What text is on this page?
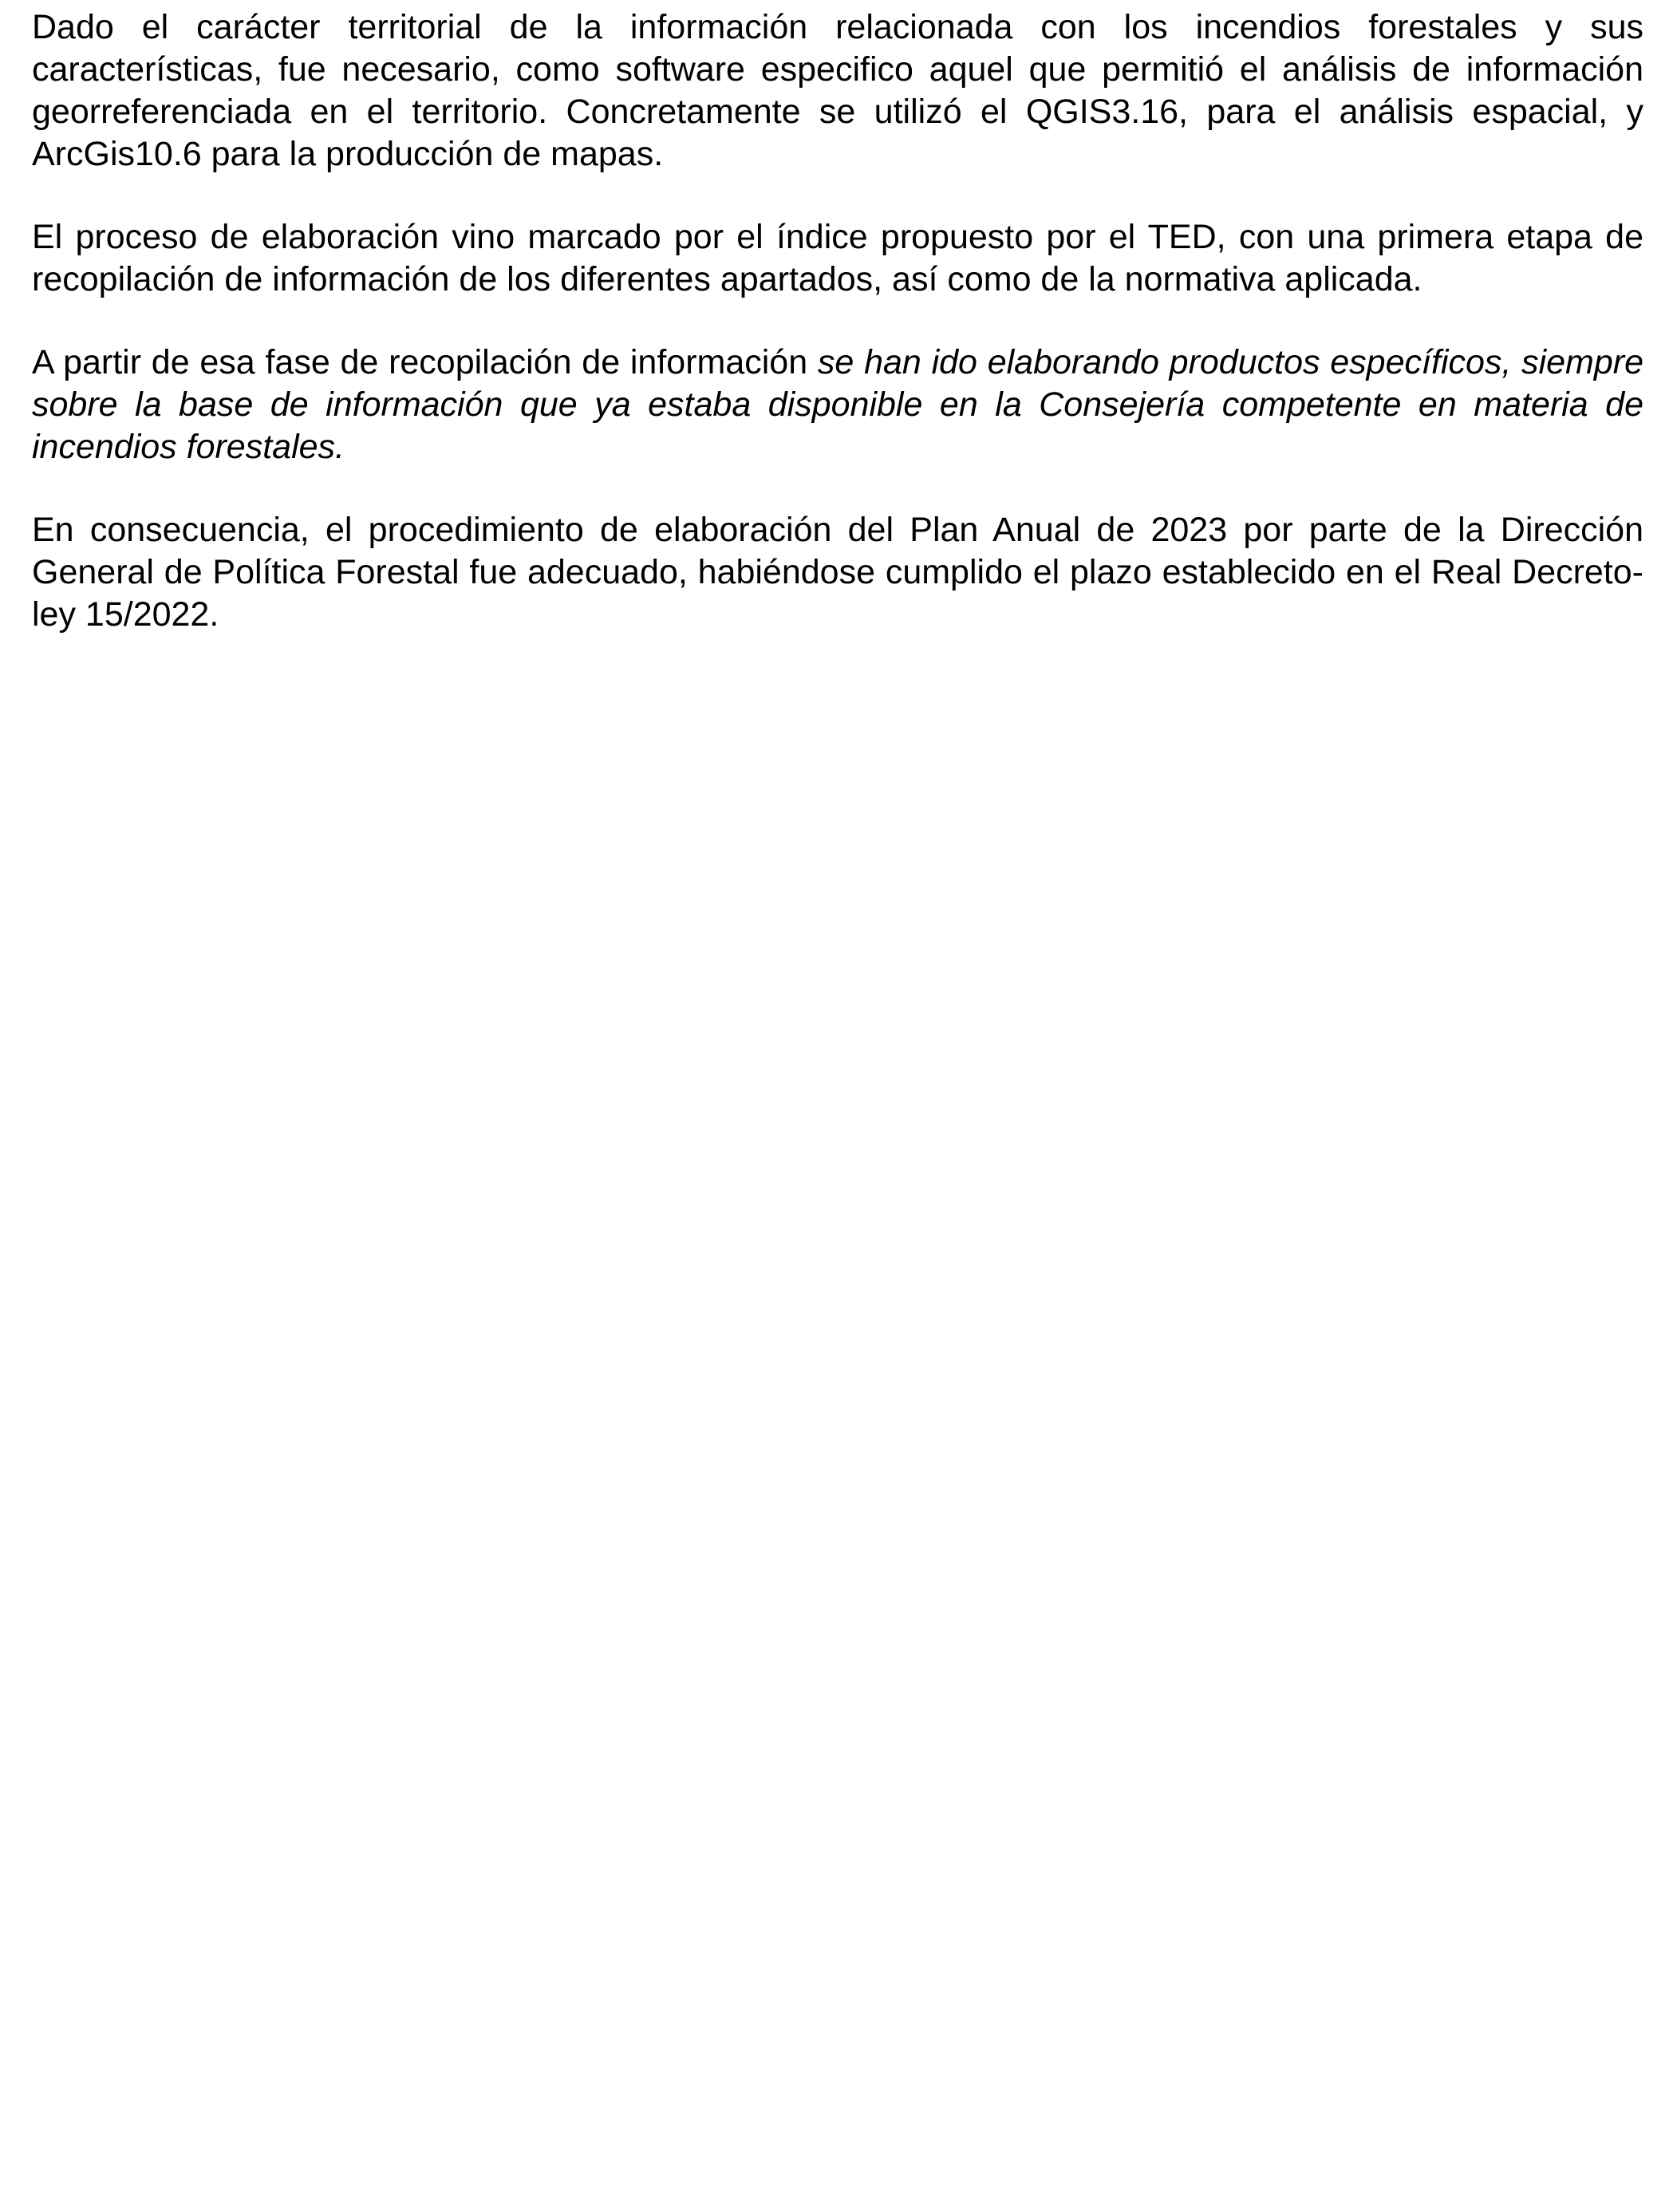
Dado el carácter territorial de la información relacionada con los incendios forestales y sus características, fue necesario, como software especifico aquel que permitió el análisis de información georreferenciada en el territorio. Concretamente se utilizó el QGIS3.16, para el análisis espacial, y ArcGis10.6 para la producción de mapas.

El proceso de elaboración vino marcado por el índice propuesto por el TED, con una primera etapa de recopilación de información de los diferentes apartados, así como de la normativa aplicada.

A partir de esa fase de recopilación de información se han ido elaborando productos específicos, siempre sobre la base de información que ya estaba disponible en la Consejería competente en materia de incendios forestales.

En consecuencia, el procedimiento de elaboración del Plan Anual de 2023 por parte de la Dirección General de Política Forestal fue adecuado, habiéndose cumplido el plazo establecido en el Real Decreto-ley 15/2022.
